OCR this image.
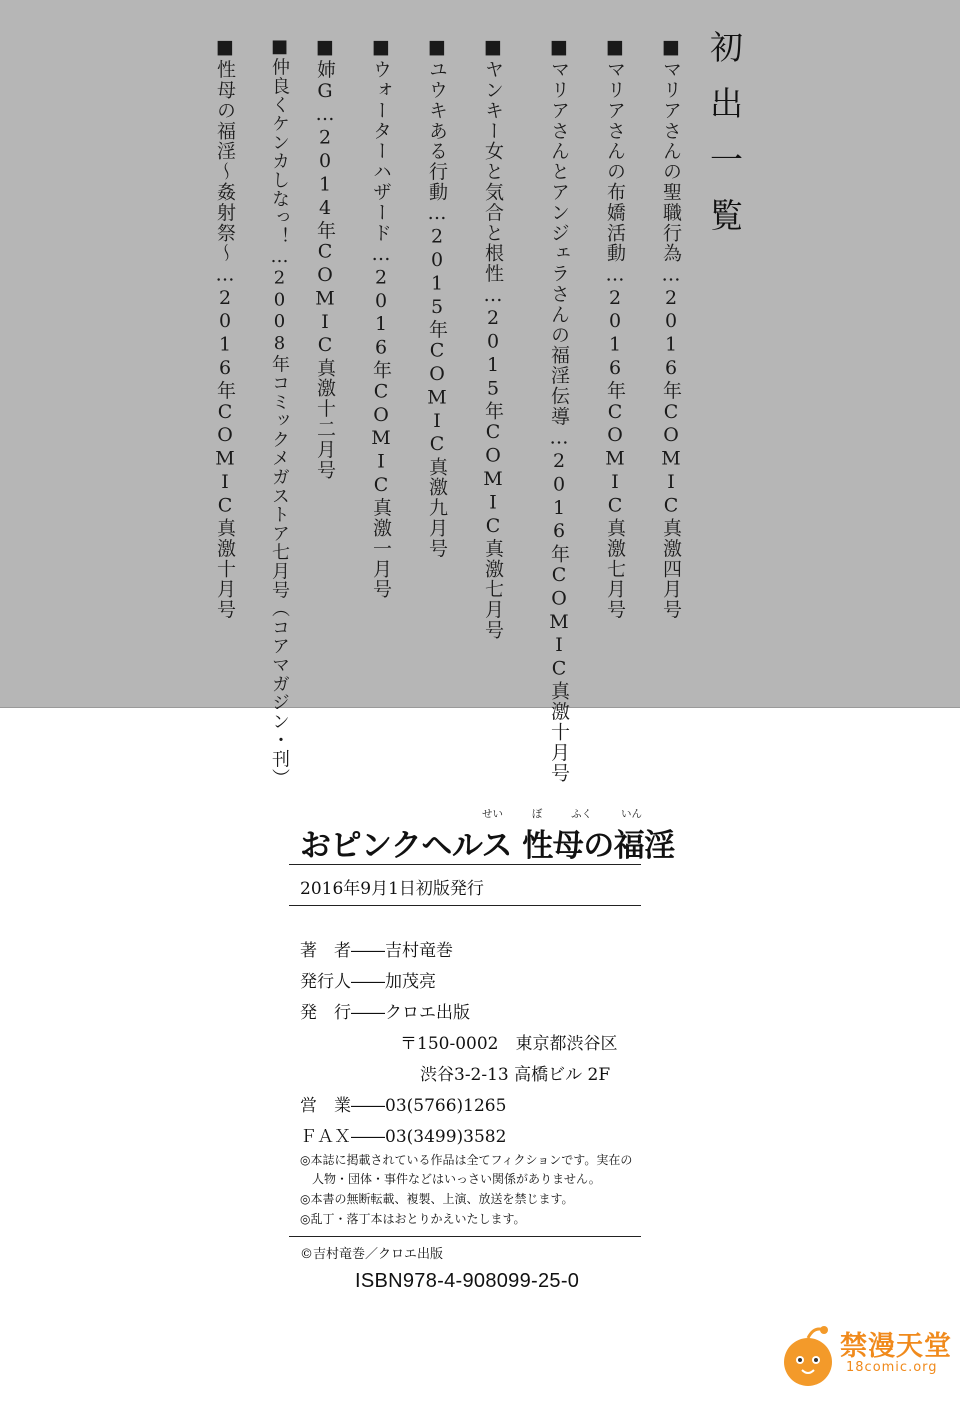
初出一覧
■マリアさんの聖職行為…2016年COMIC真激四月号
■マリアさんの布嬌活動…2016年COMIC真激七月号
■マリアさんとアンジェラさんの福淫伝導…2016年COMIC真激十月号
■ヤンキー女と気合と根性…2015年COMIC真激七月号
■ユウキある行動…2015年COMIC真激九月号
■ウォーターハザード…2016年COMIC真激一月号
■姉G…2014年COMIC真激十二月号
■仲良くケンカしなっ！…2008年コミックメガストア七月号（コアマガジン・刊）
■性母の福淫〜姦射祭〜…2016年COMIC真激十月号
せい	ぼ	ふく	いん
おピンクヘルス 性母の福淫
2016年9月1日初版発行
著　者――吉村竜巻
発行人――加茂亮
発　行――クロエ出版
〒150-0002　東京都渋谷区
渋谷3-2-13 高橋ビル 2F
営　業――03(5766)1265
ＦＡＸ――03(3499)3582
◎本誌に掲載されている作品は全てフィクションです。実在の
人物・団体・事件などはいっさい関係がありません。
◎本書の無断転載、複製、上演、放送を禁じます。
◎乱丁・落丁本はおとりかえいたします。
©吉村竜巻／クロエ出版
ISBN978-4-908099-25-0
禁漫天堂
18comic.org
